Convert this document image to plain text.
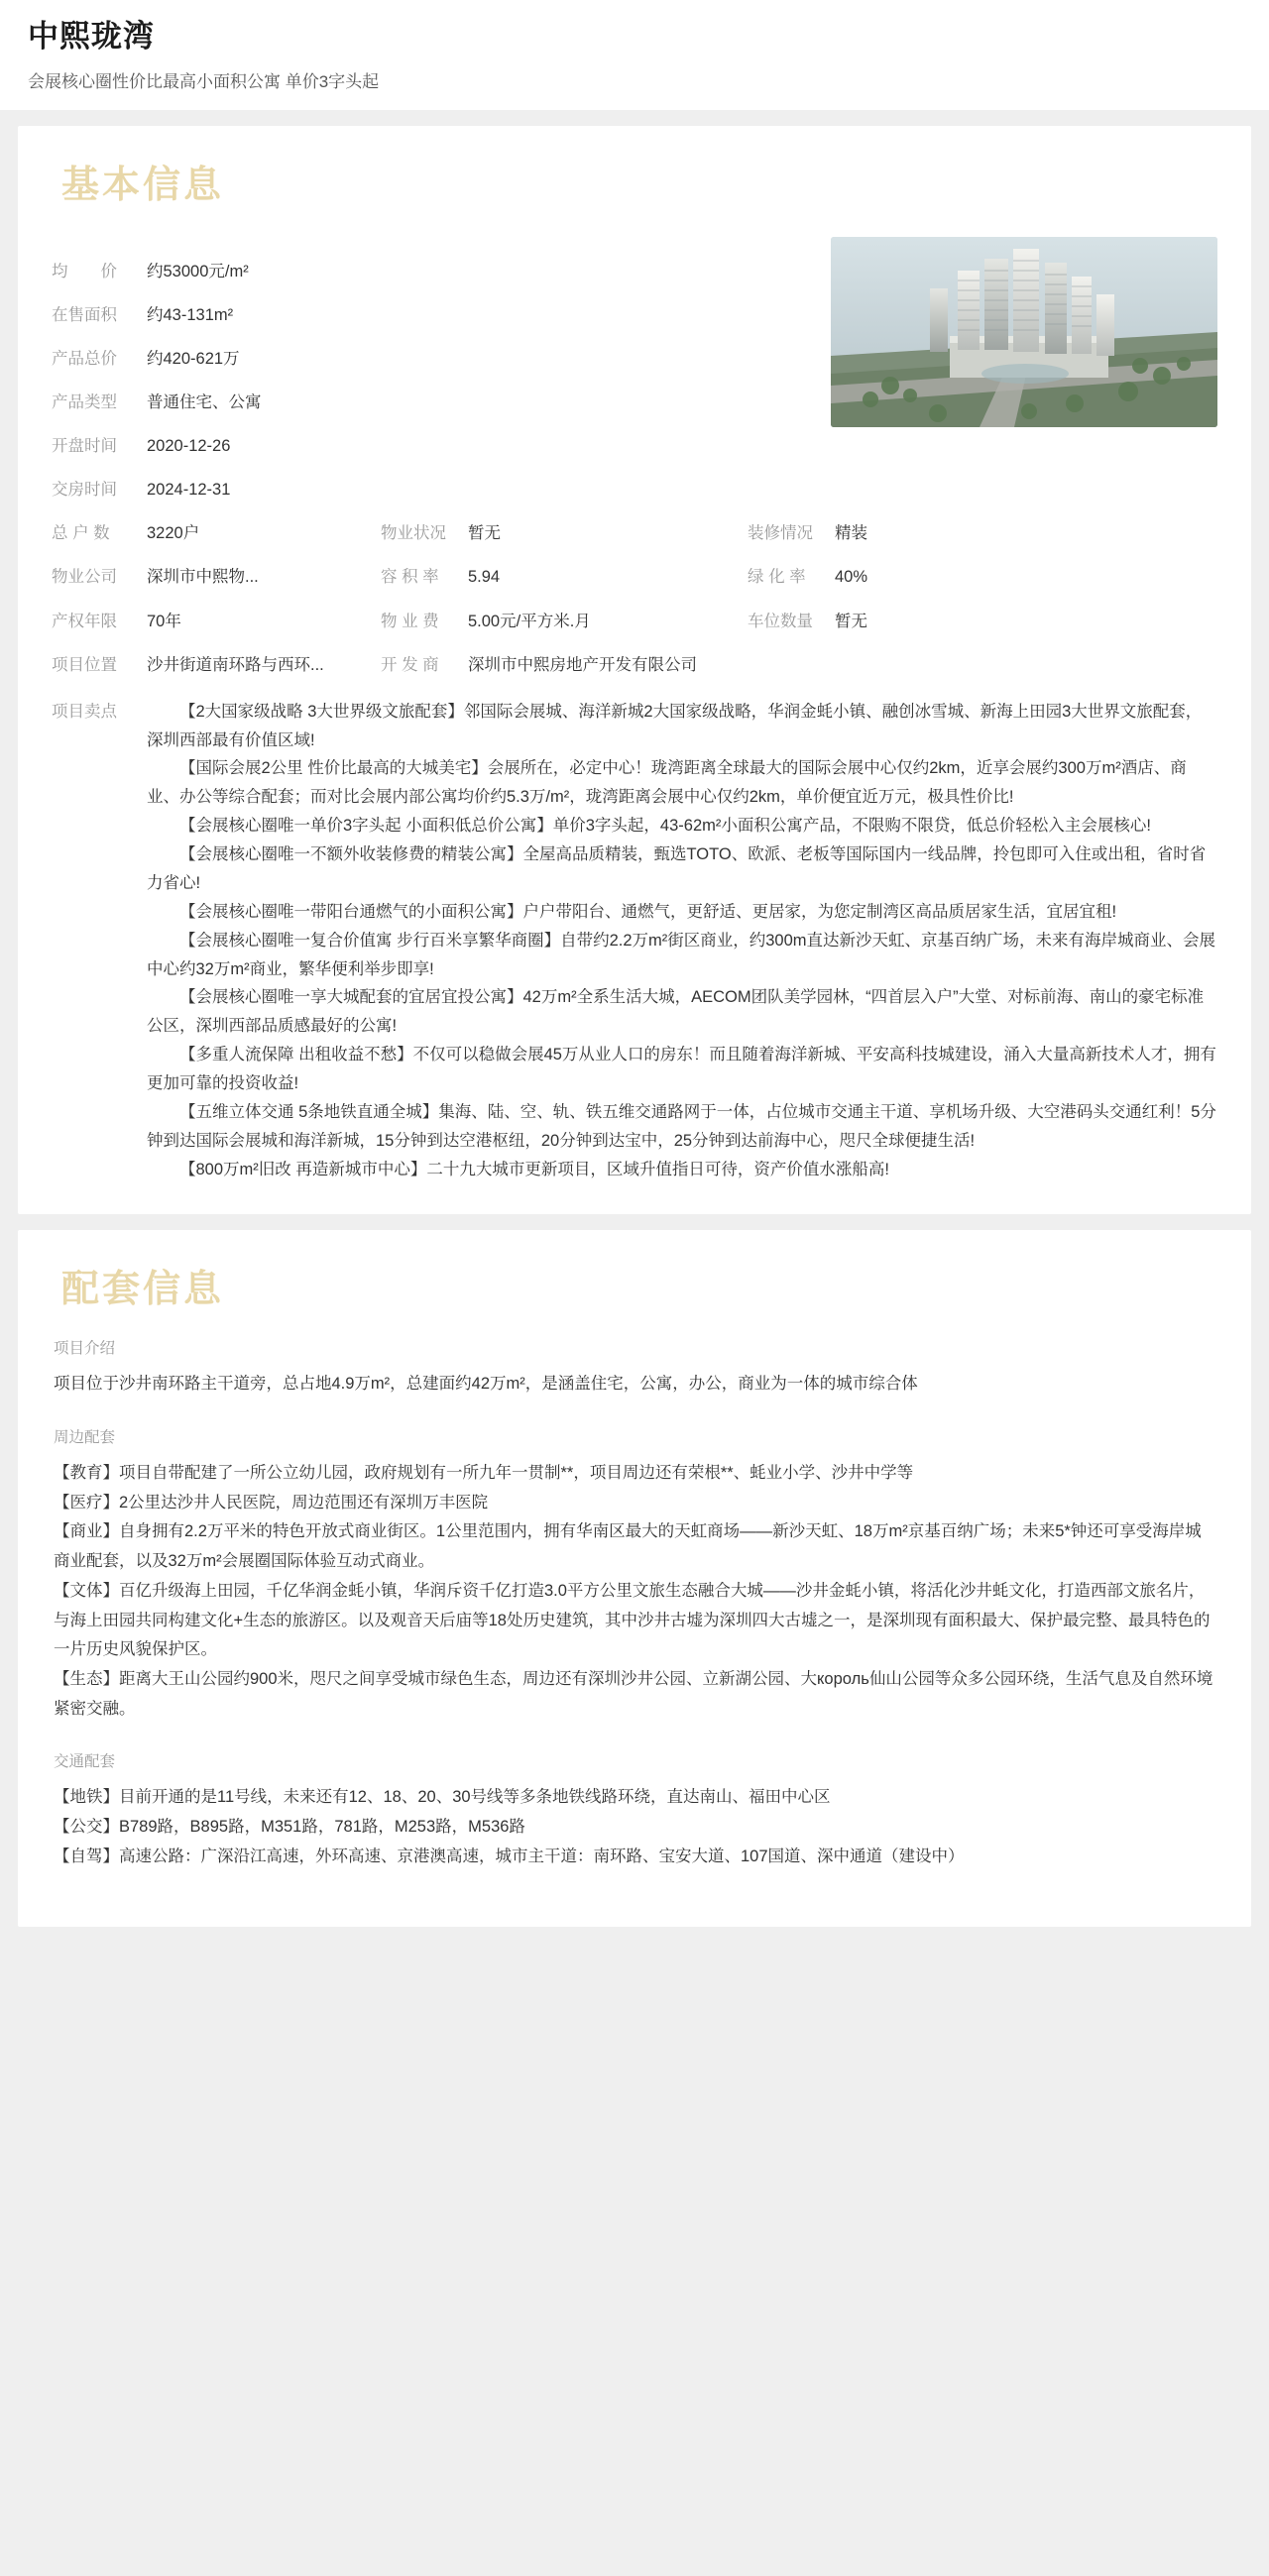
中熙珑湾
会展核心圈性价比最高小面积公寓 单价3字头起
基本信息
均　　价	约53000元/m²
在售面积	约43-131m²
产品总价	约420-621万
产品类型	普通住宅、公寓
开盘时间	2020-12-26
交房时间	2024-12-31
总 户 数	3220户	物业状况	暂无	装修情况	精装
物业公司	深圳市中熙物...	容 积 率	5.94	绿 化 率	40%
产权年限	70年	物 业 费	5.00元/平方米.月	车位数量	暂无
项目位置	沙井街道南环路与西环...	开 发 商	深圳市中熙房地产开发有限公司
项目卖点	【2大国家级战略 3大世界级文旅配套】邻国际会展城、海洋新城2大国家级战略，华润金蚝小镇、融创冰雪城、新海上田园3大世界文旅配套，深圳西部最有价值区域!

【国际会展2公里 性价比最高的大城美宅】会展所在，必定中心！珑湾距离全球最大的国际会展中心仅约2km，近享会展约300万m²酒店、商业、办公等综合配套；而对比会展内部公寓均价约5.3万/m²，珑湾距离会展中心仅约2km，单价便宜近万元，极具性价比!

【会展核心圈唯一单价3字头起 小面积低总价公寓】单价3字头起，43-62m²小面积公寓产品，不限购不限贷，低总价轻松入主会展核心!

【会展核心圈唯一不额外收装修费的精装公寓】全屋高品质精装，甄选TOTO、欧派、老板等国际国内一线品牌，拎包即可入住或出租，省时省力省心!

【会展核心圈唯一带阳台通燃气的小面积公寓】户户带阳台、通燃气，更舒适、更居家，为您定制湾区高品质居家生活，宜居宜租!

【会展核心圈唯一复合价值寓 步行百米享繁华商圈】自带约2.2万m²街区商业，约300m直达新沙天虹、京基百纳广场，未来有海岸城商业、会展中心约32万m²商业，繁华便利举步即享!

【会展核心圈唯一享大城配套的宜居宜投公寓】42万m²全系生活大城，AECOM团队美学园林，“四首层入户”大堂、对标前海、南山的豪宅标准公区，深圳西部品质感最好的公寓!

【多重人流保障 出租收益不愁】不仅可以稳做会展45万从业人口的房东！而且随着海洋新城、平安高科技城建设，涌入大量高新技术人才，拥有更加可靠的投资收益!

【五维立体交通 5条地铁直通全城】集海、陆、空、轨、铁五维交通路网于一体，占位城市交通主干道、享机场升级、大空港码头交通红利！5分钟到达国际会展城和海洋新城，15分钟到达空港枢纽，20分钟到达宝中，25分钟到达前海中心，咫尺全球便捷生活!

【800万m²旧改 再造新城市中心】二十九大城市更新项目，区域升值指日可待，资产价值水涨船高!

配套信息
项目介绍
项目位于沙井南环路主干道旁，总占地4.9万m²，总建面约42万m²，是涵盖住宅，公寓，办公，商业为一体的城市综合体
周边配套

【教育】项目自带配建了一所公立幼儿园，政府规划有一所九年一贯制**，项目周边还有荣根**、蚝业小学、沙井中学等

【医疗】2公里达沙井人民医院，周边范围还有深圳万丰医院

【商业】自身拥有2.2万平米的特色开放式商业街区。1公里范围内，拥有华南区最大的天虹商场——新沙天虹、18万m²京基百纳广场；未来5*钟还可享受海岸城商业配套，以及32万m²会展圈国际体验互动式商业。

【文体】百亿升级海上田园，千亿华润金蚝小镇，华润斥资千亿打造3.0平方公里文旅生态融合大城——沙井金蚝小镇，将活化沙井蚝文化，打造西部文旅名片，与海上田园共同构建文化+生态的旅游区。以及观音天后庙等18处历史建筑，其中沙井古墟为深圳四大古墟之一，是深圳现有面积最大、保护最完整、最具特色的一片历史风貌保护区。

【生态】距离大王山公园约900米，咫尺之间享受城市绿色生态，周边还有深圳沙井公园、立新湖公园、大король仙山公园等众多公园环绕，生活气息及自然环境紧密交融。

交通配套

【地铁】目前开通的是11号线，未来还有12、18、20、30号线等多条地铁线路环绕，直达南山、福田中心区

【公交】B789路，B895路，M351路，781路，M253路，M536路

【自驾】高速公路：广深沿江高速，外环高速、京港澳高速，城市主干道：南环路、宝安大道、107国道、深中通道（建设中）
